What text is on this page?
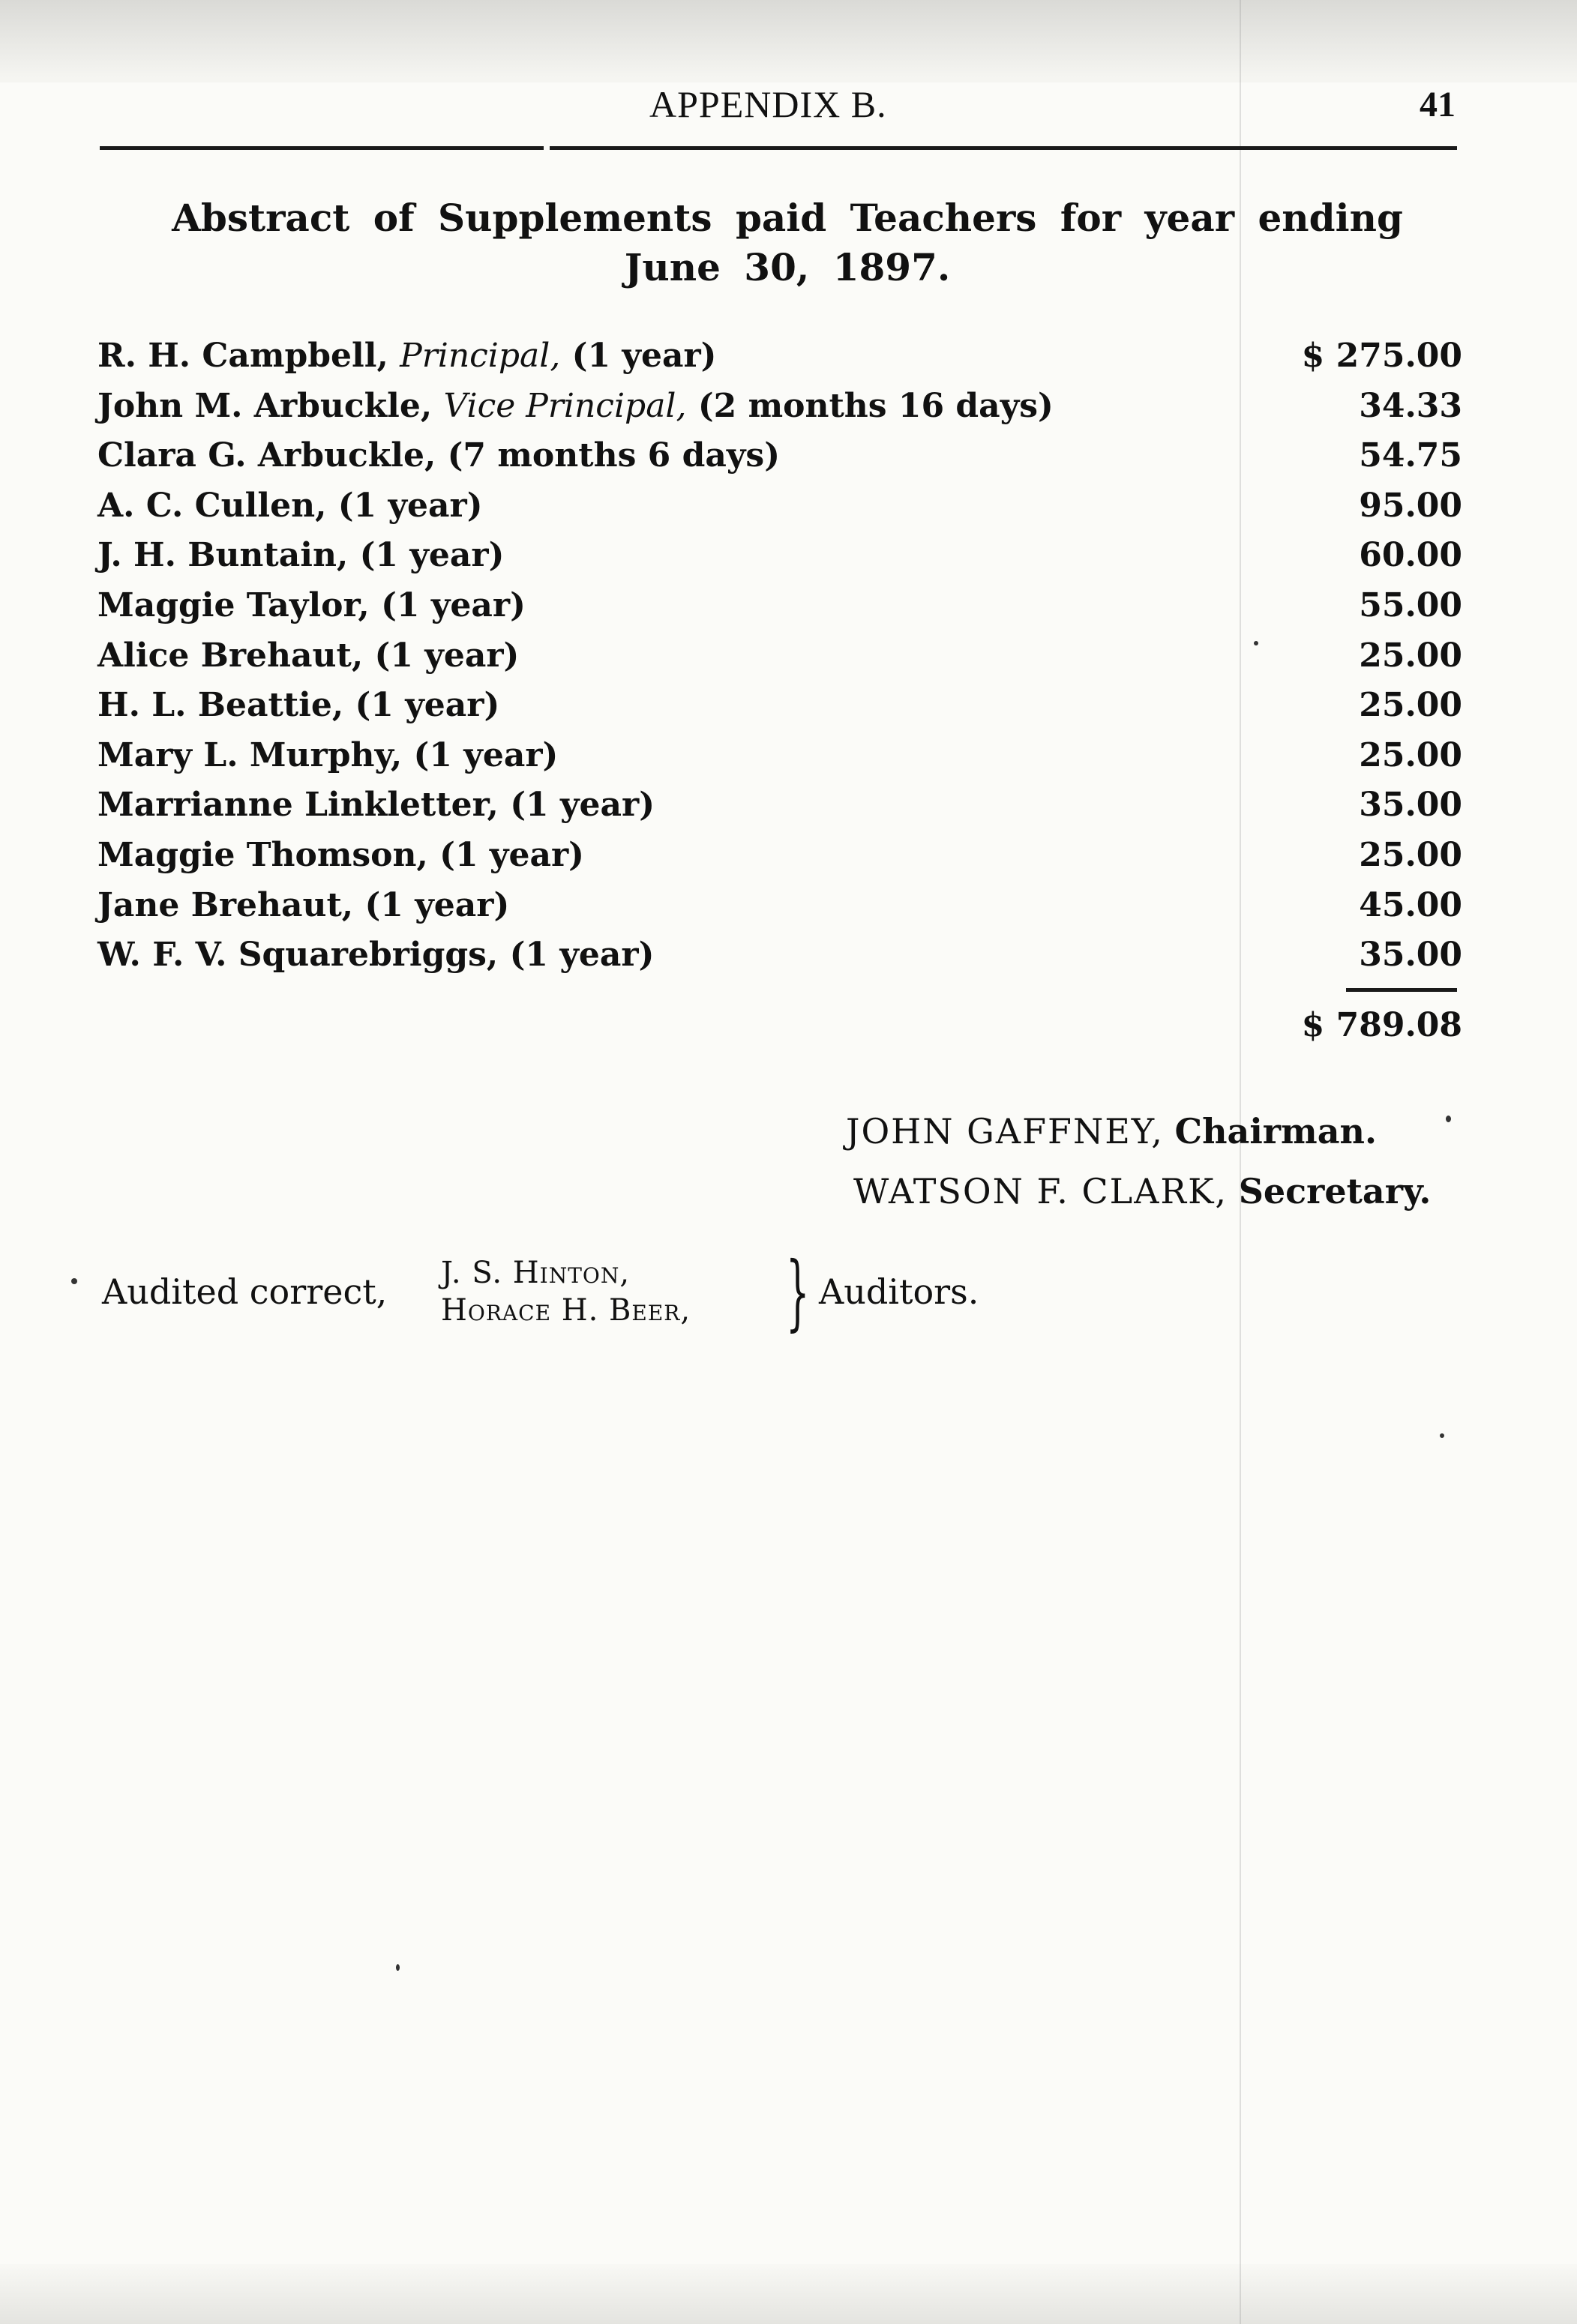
APPENDIX B.	41
Abstract of Supplements paid Teachers for year ending
June 30, 1897.
R. H. Campbell, Principal, (1 year)	$ 275.00
John M. Arbuckle, Vice Principal, (2 months 16 days)	34.33
Clara G. Arbuckle, (7 months 6 days)	54.75
A. C. Cullen, (1 year)	95.00
J. H. Buntain, (1 year)	60.00
Maggie Taylor, (1 year)	55.00
Alice Brehaut, (1 year)	25.00
H. L. Beattie, (1 year)	25.00
Mary L. Murphy, (1 year)	25.00
Marrianne Linkletter, (1 year)	35.00
Maggie Thomson, (1 year)	25.00
Jane Brehaut, (1 year)	45.00
W. F. V. Squarebriggs, (1 year)	35.00
$ 789.08
JOHN GAFFNEY, Chairman.
WATSON F. CLARK, Secretary.
Audited correct, J. S. Hinton,
Horace H. Beer, } Auditors.
